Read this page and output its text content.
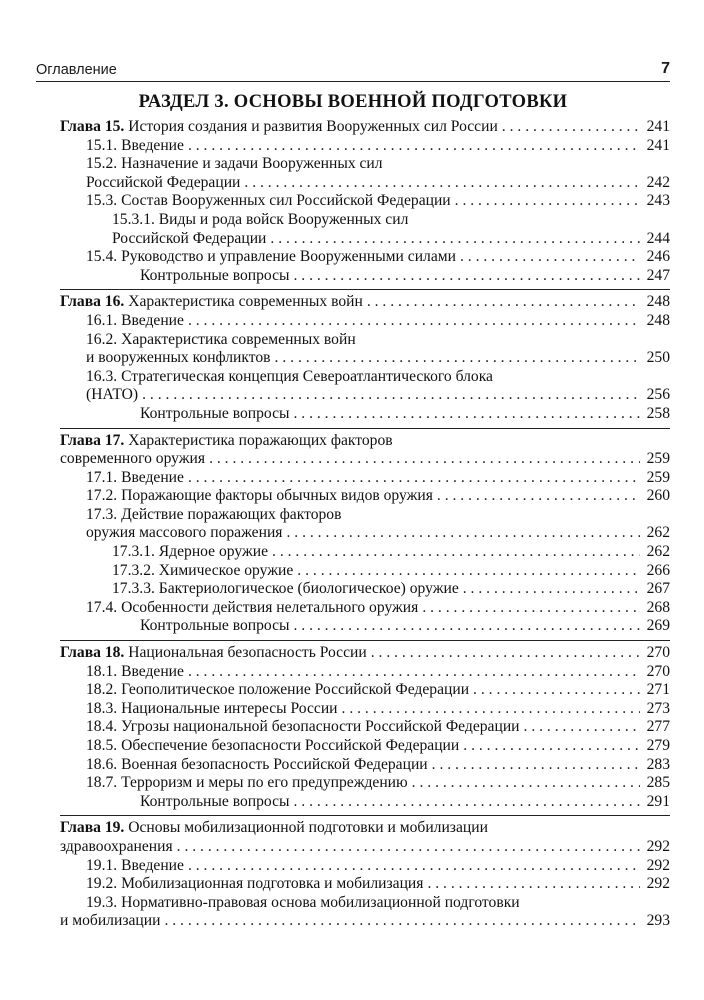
Оглавление	7
РАЗДЕЛ 3. ОСНОВЫ ВОЕННОЙ ПОДГОТОВКИ
Глава 15. История создания и развития Вооруженных сил России . . .	241
15.1. Введение . . .	241
15.2. Назначение и задачи Вооруженных сил
Российской Федерации . . .	242
15.3. Состав Вооруженных сил Российской Федерации . . .	243
15.3.1. Виды и рода войск Вооруженных сил
Российской Федерации . . .	244
15.4. Руководство и управление Вооруженными силами . . .	246
Контрольные вопросы . . .	247
Глава 16. Характеристика современных войн . . .	248
16.1. Введение . . .	248
16.2. Характеристика современных войн
и вооруженных конфликтов . . .	250
16.3. Стратегическая концепция Североатлантического блока
(НАТО) . . .	256
Контрольные вопросы . . .	258
Глава 17. Характеристика поражающих факторов
современного оружия . . .	259
17.1. Введение . . .	259
17.2. Поражающие факторы обычных видов оружия . . .	260
17.3. Действие поражающих факторов
оружия массового поражения . . .	262
17.3.1. Ядерное оружие . . .	262
17.3.2. Химическое оружие . . .	266
17.3.3. Бактериологическое (биологическое) оружие . . .	267
17.4. Особенности действия нелетального оружия . . .	268
Контрольные вопросы . . .	269
Глава 18. Национальная безопасность России . . .	270
18.1. Введение . . .	270
18.2. Геополитическое положение Российской Федерации . . .	271
18.3. Национальные интересы России . . .	273
18.4. Угрозы национальной безопасности Российской Федерации . . .	277
18.5. Обеспечение безопасности Российской Федерации . . .	279
18.6. Военная безопасность Российской Федерации . . .	283
18.7. Терроризм и меры по его предупреждению . . .	285
Контрольные вопросы . . .	291
Глава 19. Основы мобилизационной подготовки и мобилизации
здравоохранения . . .	292
19.1. Введение . . .	292
19.2. Мобилизационная подготовка и мобилизация . . .	292
19.3. Нормативно-правовая основа мобилизационной подготовки
и мобилизации . . .	293
